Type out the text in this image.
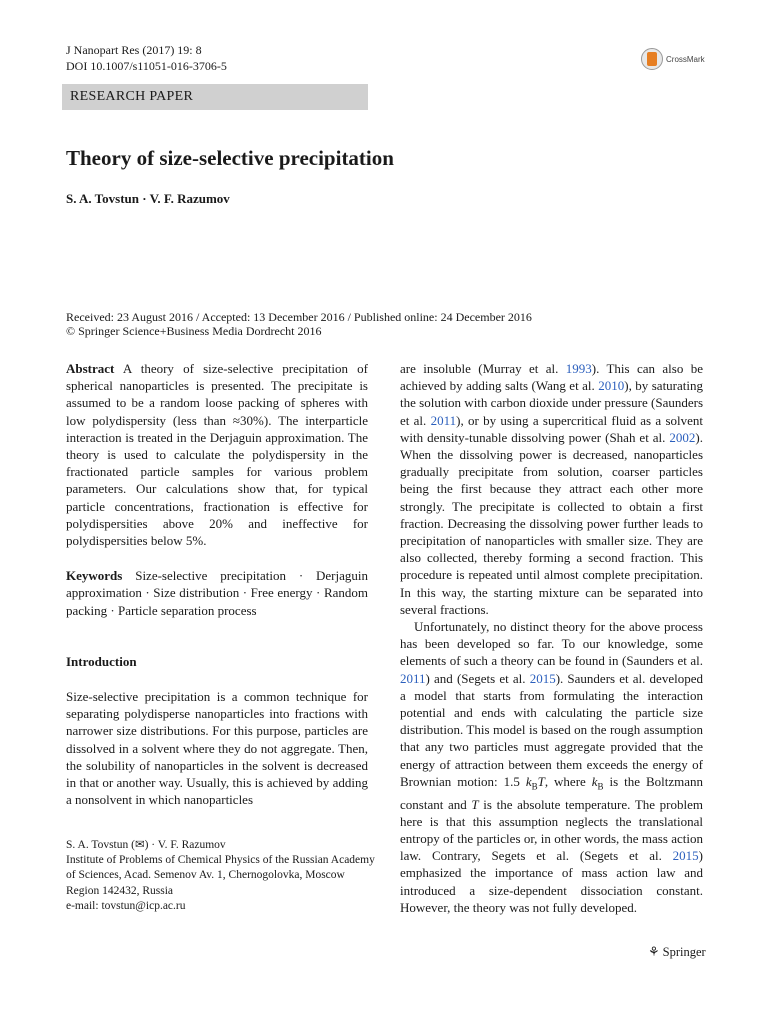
J Nanopart Res (2017) 19: 8
DOI 10.1007/s11051-016-3706-5	CrossMark
RESEARCH PAPER
Theory of size-selective precipitation
S. A. Tovstun · V. F. Razumov
Received: 23 August 2016 / Accepted: 13 December 2016 / Published online: 24 December 2016
© Springer Science+Business Media Dordrecht 2016

Abstract A theory of size-selective precipitation of spherical nanoparticles is presented. The precipitate is assumed to be a random loose packing of spheres with low polydispersity (less than ≈30%). The interparticle interaction is treated in the Derjaguin approximation. The theory is used to calculate the polydispersity in the fractionated particle samples for various problem parameters. Our calculations show that, for typical particle concentrations, fractionation is effective for polydispersities above 20% and ineffective for polydispersities below 5%.

Keywords Size-selective precipitation · Derjaguin approximation · Size distribution · Free energy · Random packing · Particle separation process

Introduction

Size-selective precipitation is a common technique for separating polydisperse nanoparticles into fractions with narrower size distributions. For this purpose, particles are dissolved in a solvent where they do not aggregate. Then, the solubility of nanoparticles in the solvent is decreased in that or another way. Usually, this is achieved by adding a nonsolvent in which nanoparticles

are insoluble (Murray et al. 1993). This can also be achieved by adding salts (Wang et al. 2010), by saturating the solution with carbon dioxide under pressure (Saunders et al. 2011), or by using a supercritical fluid as a solvent with density-tunable dissolving power (Shah et al. 2002). When the dissolving power is decreased, nanoparticles gradually precipitate from solution, coarser particles being the first because they attract each other more strongly. The precipitate is collected to obtain a first fraction. Decreasing the dissolving power further leads to precipitation of nanoparticles with smaller size. They are also collected, thereby forming a second fraction. This procedure is repeated until almost complete precipitation. In this way, the starting mixture can be separated into several fractions.

Unfortunately, no distinct theory for the above process has been developed so far. To our knowledge, some elements of such a theory can be found in (Saunders et al. 2011) and (Segets et al. 2015). Saunders et al. developed a model that starts from formulating the interaction potential and ends with calculating the particle size distribution. This model is based on the rough assumption that any two particles must aggregate provided that the energy of attraction between them exceeds the energy of Brownian motion: 1.5 $k_BT$, where $k_B$ is the Boltzmann constant and T is the absolute temperature. The problem here is that this assumption neglects the translational entropy of the particles or, in other words, the mass action law. Contrary, Segets et al. (Segets et al. 2015) emphasized the importance of mass action law and introduced a size-dependent dissociation constant. However, the theory was not fully developed.

S. A. Tovstun (✉) · V. F. Razumov

Institute of Problems of Chemical Physics of the Russian Academy of Sciences, Acad. Semenov Av. 1, Chernogolovka, Moscow Region 142432, Russia

e-mail: tovstun@icp.ac.ru

⚘ Springer
